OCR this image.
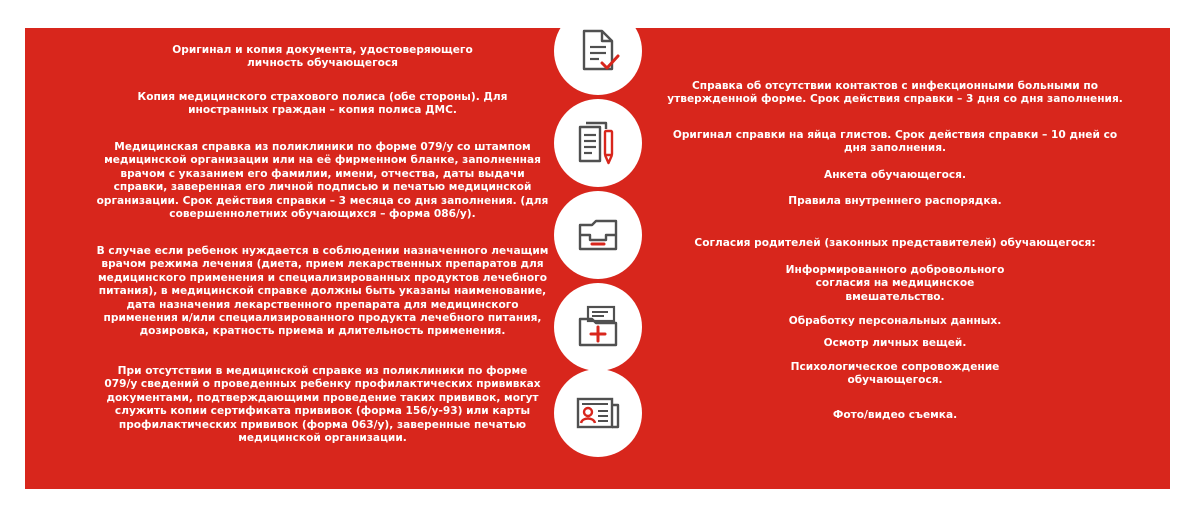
Оригинал и копия документа, удостоверяющего
личность обучающегося
Копия медицинского страхового полиса (обе стороны). Для
иностранных граждан – копия полиса ДМС.
Медицинская справка из поликлиники по форме 079/у со штампом
медицинской организации или на её фирменном бланке, заполненная
врачом с указанием его фамилии, имени, отчества, даты выдачи
справки, заверенная его личной подписью и печатью медицинской
организации. Срок действия справки – 3 месяца со дня заполнения. (для
совершеннолетних обучающихся – форма 086/у).
В случае если ребенок нуждается в соблюдении назначенного лечащим
врачом режима лечения (диета, прием лекарственных препаратов для
медицинского применения и специализированных продуктов лечебного
питания), в медицинской справке должны быть указаны наименование,
дата назначения лекарственного препарата для медицинского
применения и/или специализированного продукта лечебного питания,
дозировка, кратность приема и длительность применения.
При отсутствии в медицинской справке из поликлиники по форме
079/у сведений о проведенных ребенку профилактических прививках
документами, подтверждающими проведение таких прививок, могут
служить копии сертификата прививок (форма 156/у-93) или карты
профилактических прививок (форма 063/у), заверенные печатью
медицинской организации.
Справка об отсутствии контактов с инфекционными больными по
утвержденной форме. Срок действия справки – 3 дня со дня заполнения.
Оригинал справки на яйца глистов. Срок действия справки – 10 дней со
дня заполнения.
Анкета обучающегося.
Правила внутреннего распорядка.
Согласия родителей (законных представителей) обучающегося:
Информированного добровольного
согласия на медицинское
вмешательство.
Обработку персональных данных.
Осмотр личных вещей.
Психологическое сопровождение
обучающегося.
Фото/видео съемка.
